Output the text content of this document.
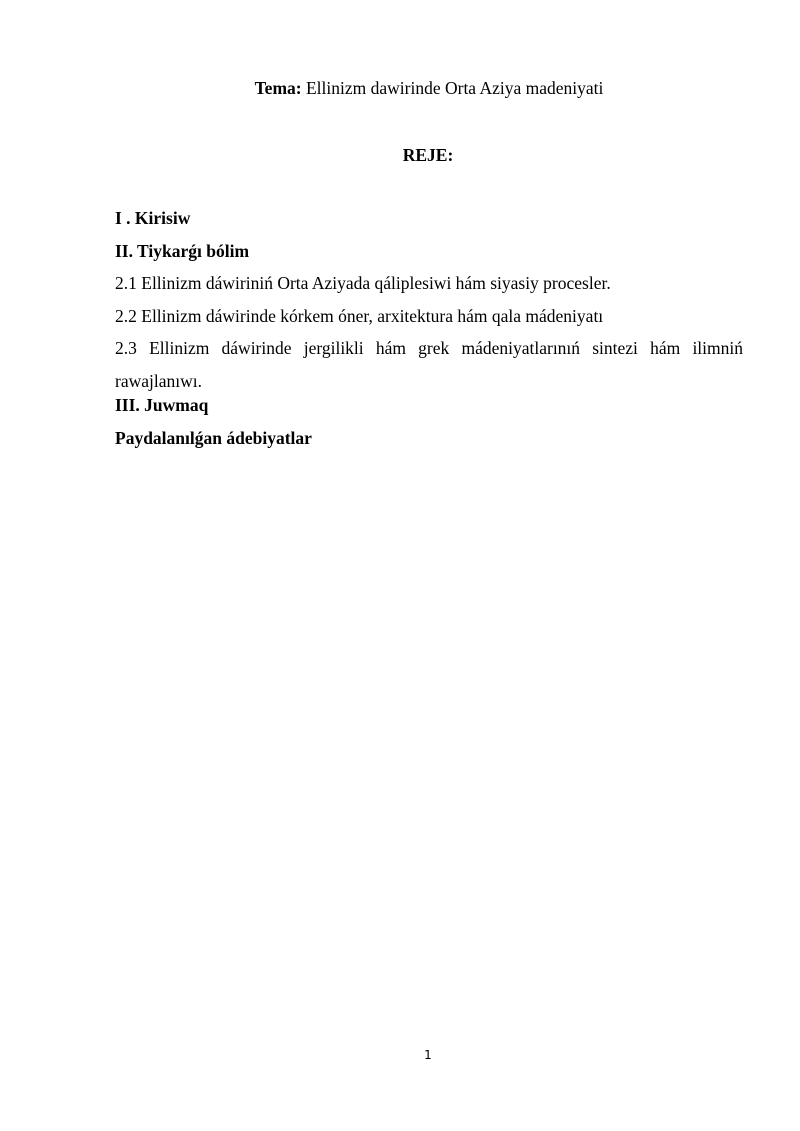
Tema: Ellinizm dawirinde Orta Aziya madeniyati
REJE:
I . Kirisiw
II. Tiykarǵı bólim
2.1 Ellinizm dáwiriniń Orta Aziyada qáliplesiwi hám siyasiy procesler.
2.2 Ellinizm dáwirinde kórkem óner, arxitektura hám qala mádeniyatı
2.3 Ellinizm dáwirinde jergilikli hám grek mádeniyatlarınıń sintezi hám ilimniń rawajlanıwı.
III. Juwmaq
Paydalanılǵan ádebiyatlar
1
